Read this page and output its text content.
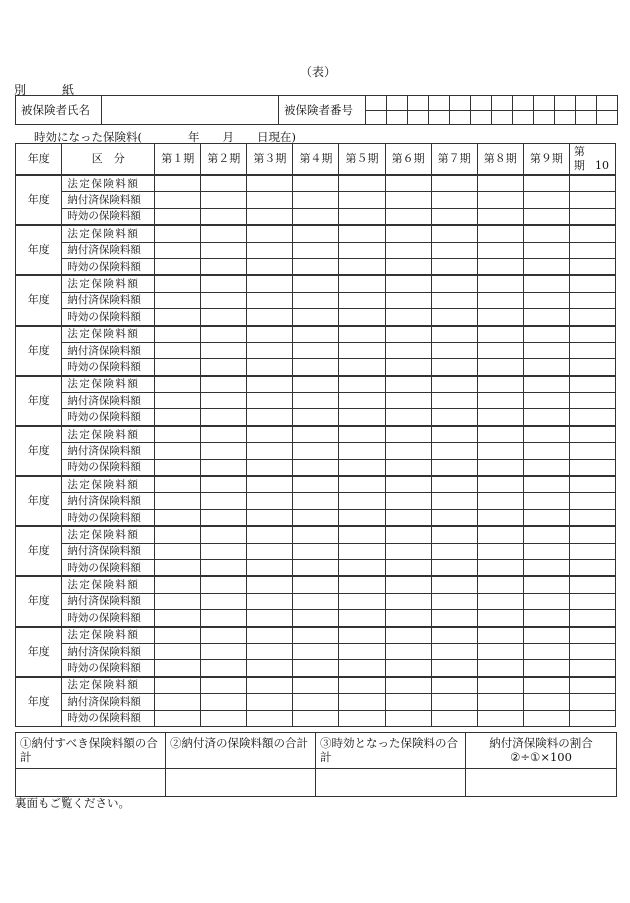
（表）
別　紙
被保険者氏名		被保険者番号												

時効になった保険料(　　　　年　　月　　日現在)
年度	区　分	第１期	第２期	第３期	第４期	第５期	第６期	第７期	第８期	第９期	第
期 10

年度	法定保険料額										
	納付済保険料額										
	時効の保険料額										
年度	法定保険料額										
	納付済保険料額										
	時効の保険料額										
年度	法定保険料額										
	納付済保険料額										
	時効の保険料額										
年度	法定保険料額										
	納付済保険料額										
	時効の保険料額										
年度	法定保険料額										
	納付済保険料額										
	時効の保険料額										
年度	法定保険料額										
	納付済保険料額										
	時効の保険料額										
年度	法定保険料額										
	納付済保険料額										
	時効の保険料額										
年度	法定保険料額										
	納付済保険料額										
	時効の保険料額										
年度	法定保険料額										
	納付済保険料額										
	時効の保険料額										
年度	法定保険料額										
	納付済保険料額										
	時効の保険料額										
年度	法定保険料額										
	納付済保険料額										
	時効の保険料額										
①納付すべき保険料額の合計	②納付済の保険料額の合計	③時効となった保険料の合計	納付済保険料の割合
②÷①×100

裏面もご覧ください。
